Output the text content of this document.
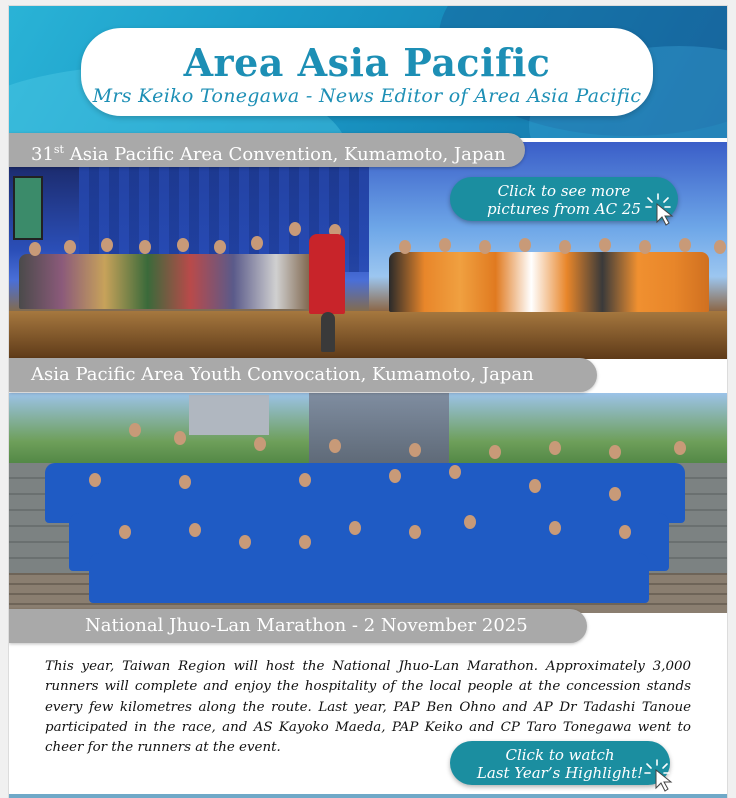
Area Asia Pacific
Mrs Keiko Tonegawa - News Editor of Area Asia Pacific
31st Asia Pacific Area Convention, Kumamoto, Japan
Click to see more
pictures from AC 25
Asia Pacific Area Youth Convocation, Kumamoto, Japan
National Jhuo-Lan Marathon - 2 November 2025

This year, Taiwan Region will host the National Jhuo-Lan Marathon. Approximately 3,000 runners will complete and enjoy the hospitality of the local people at the concession stands every few kilometres along the route. Last year, PAP Ben Ohno and AP Dr Tadashi Tanoue participated in the race, and AS Kayoko Maeda, PAP Keiko and CP Taro Tonegawa went to cheer for the runners at the event.	Click to watch
Last Year’s Highlight!
